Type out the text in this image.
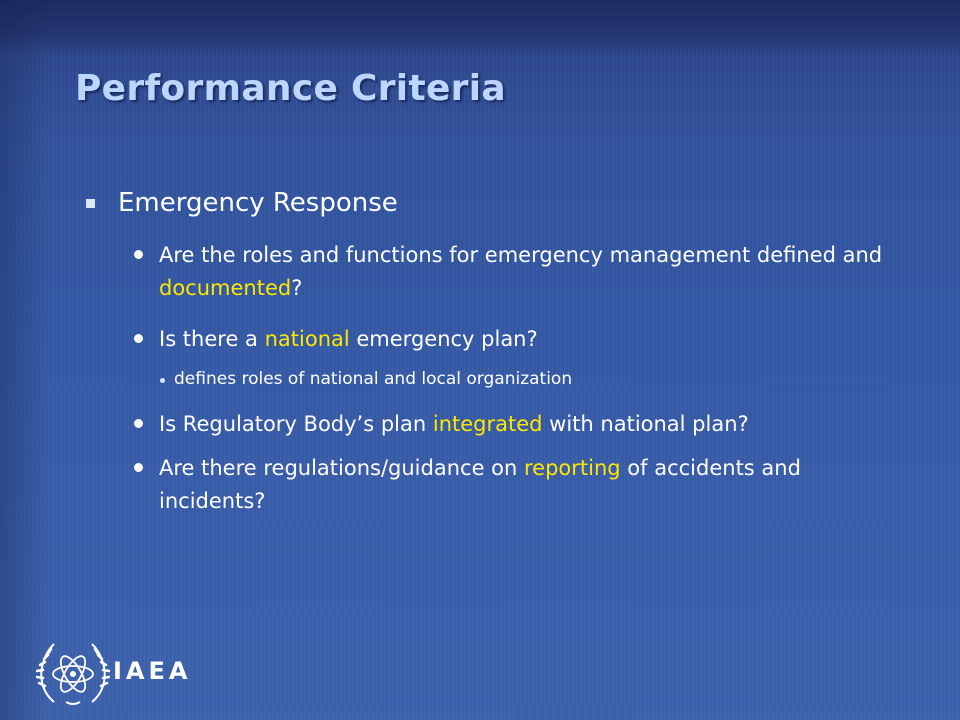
Performance Criteria
Emergency Response
Are the roles and functions for emergency management defined and documented?
Is there a national emergency plan?
defines roles of national and local organization
Is Regulatory Body’s plan integrated with national plan?
Are there regulations/guidance on reporting of accidents and incidents?
IAEA
